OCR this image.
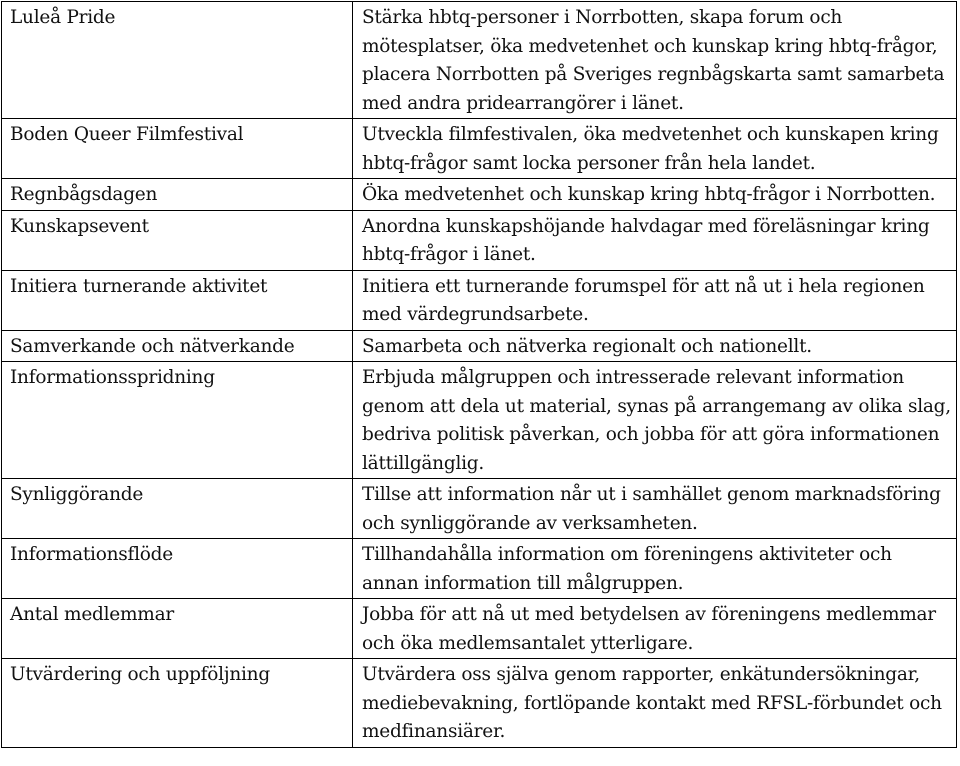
Luleå Pride	Stärka hbtq-personer i Norrbotten, skapa forum och mötesplatser, öka medvetenhet och kunskap kring hbtq-frågor, placera Norrbotten på Sveriges regnbågskarta samt samarbeta med andra pridearrangörer i länet.
Boden Queer Filmfestival	Utveckla filmfestivalen, öka medvetenhet och kunskapen kring hbtq-frågor samt locka personer från hela landet.
Regnbågsdagen	Öka medvetenhet och kunskap kring hbtq-frågor i Norrbotten.
Kunskapsevent	Anordna kunskapshöjande halvdagar med föreläsningar kring hbtq-frågor i länet.
Initiera turnerande aktivitet	Initiera ett turnerande forumspel för att nå ut i hela regionen med värdegrundsarbete.
Samverkande och nätverkande	Samarbeta och nätverka regionalt och nationellt.
Informationsspridning	Erbjuda målgruppen och intresserade relevant information genom att dela ut material, synas på arrangemang av olika slag, bedriva politisk påverkan, och jobba för att göra informationen lättillgänglig.
Synliggörande	Tillse att information når ut i samhället genom marknadsföring och synliggörande av verksamheten.
Informationsflöde	Tillhandahålla information om föreningens aktiviteter och annan information till målgruppen.
Antal medlemmar	Jobba för att nå ut med betydelsen av föreningens medlemmar och öka medlemsantalet ytterligare.
Utvärdering och uppföljning	Utvärdera oss själva genom rapporter, enkätundersökningar, mediebevakning, fortlöpande kontakt med RFSL-förbundet och medfinansiärer.
